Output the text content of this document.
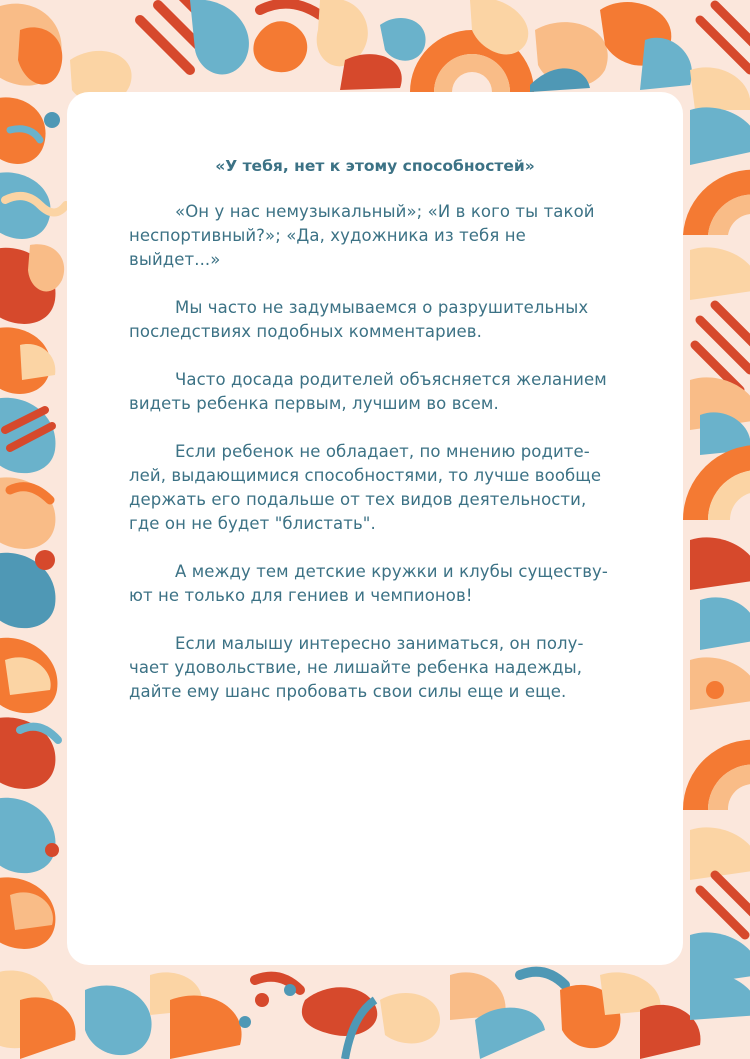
«У тебя, нет к этому способностей»

«Он у нас немузыкальный»; «И в кого ты такой неспортивный?»; «Да, художника из тебя не выйдет...»

Мы часто не задумываемся о разрушительных последствиях подобных комментариев.

Часто досада родителей объясняется желанием видеть ребенка первым, лучшим во всем.

Если ребенок не обладает, по мнению родите-лей, выдающимися способностями, то лучше вообще держать его подальше от тех видов деятельности, где он не будет "блистать".

А между тем детские кружки и клубы существу-ют не только для гениев и чемпионов!

Если малышу интересно заниматься, он полу-чает удовольствие, не лишайте ребенка надежды, дайте ему шанс пробовать свои силы еще и еще.
